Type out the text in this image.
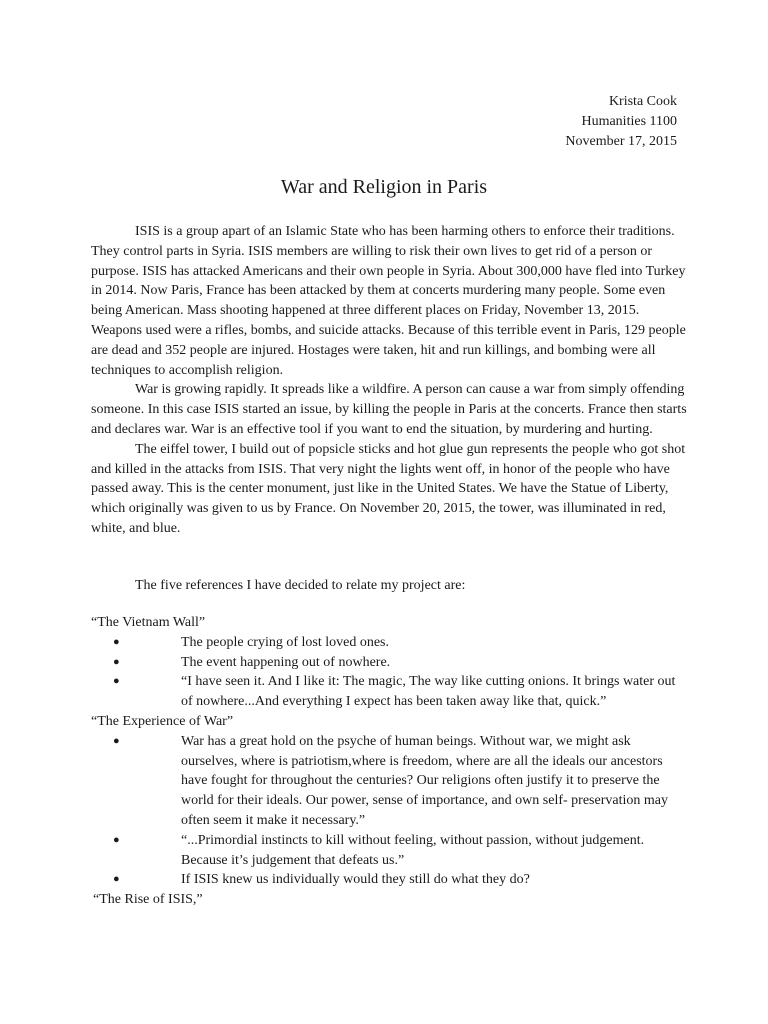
Krista Cook
Humanities 1100
November 17, 2015
War and Religion in Paris

ISIS is a group apart of an Islamic State who has been harming others to enforce their traditions. They control parts in Syria. ISIS members are willing to risk their own lives to get rid of a person or purpose. ISIS has attacked Americans and their own people in Syria. About 300,000 have fled into Turkey in 2014. Now Paris, France has been attacked by them at concerts murdering many people. Some even being American. Mass shooting happened at three different places on Friday, November 13, 2015. Weapons used were a rifles, bombs, and suicide attacks. Because of this terrible event in Paris, 129 people are dead and 352 people are injured. Hostages were taken, hit and run killings, and bombing were all techniques to accomplish religion.

War is growing rapidly. It spreads like a wildfire. A person can cause a war from simply offending someone. In this case ISIS started an issue, by killing the people in Paris at the concerts. France then starts and declares war. War is an effective tool if you want to end the situation, by murdering and hurting.

The eiffel tower, I build out of popsicle sticks and hot glue gun represents the people who got shot and killed in the attacks from ISIS. That very night the lights went off, in honor of the people who have passed away. This is the center monument, just like in the United States. We have the Statue of Liberty, which originally was given to us by France. On November 20, 2015, the tower, was illuminated in red, white, and blue.

The five references I have decided to relate my project are:

“The Vietnam Wall”
●	The people crying of lost loved ones.
●	The event happening out of nowhere.
●	“I have seen it. And I like it: The magic, The way like cutting onions. It brings water out of nowhere...And everything I expect has been taken away like that, quick.”
“The Experience of War”
●	War has a great hold on the psyche of human beings. Without war, we might ask ourselves, where is patriotism,where is freedom, where are all the ideals our ancestors have fought for throughout the centuries? Our religions often justify it to preserve the world for their ideals. Our power, sense of importance, and own self- preservation may often seem it make it necessary.”
●	“...Primordial instincts to kill without feeling, without passion, without judgement. Because it’s judgement that defeats us.”
●	If ISIS knew us individually would they still do what they do?
“The Rise of ISIS,”
